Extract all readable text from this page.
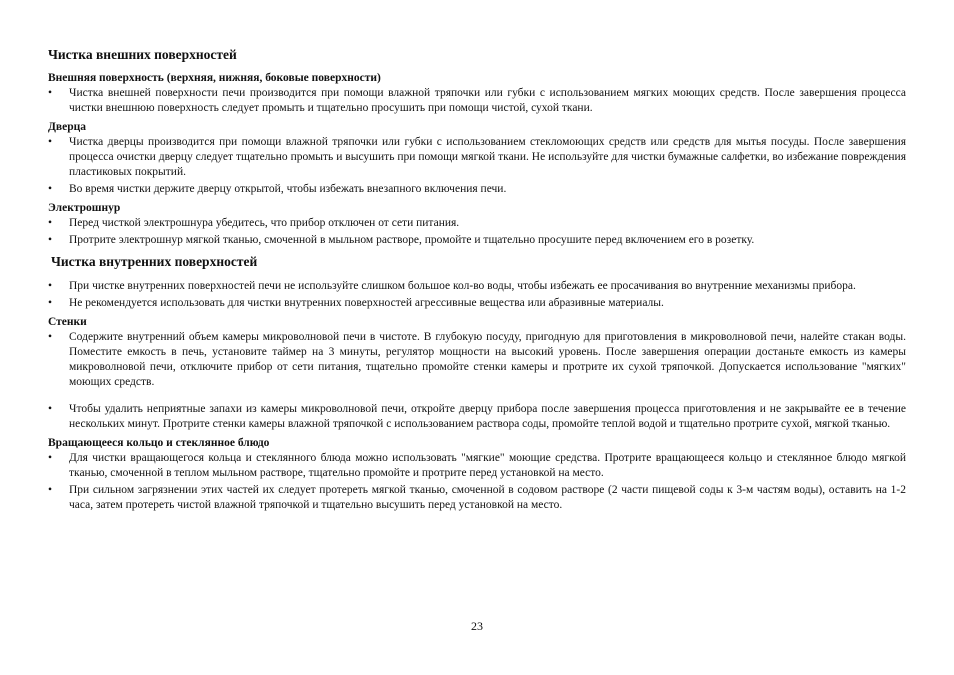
Чистка внешних поверхностей
Внешняя поверхность (верхняя, нижняя, боковые поверхности)
• Чистка внешней поверхности печи производится при помощи влажной тряпочки или губки с использованием мягких моющих средств. После завершения процесса чистки внешнюю поверхность следует промыть и тщательно просушить при помощи чистой, сухой ткани.
Дверца
• Чистка дверцы производится при помощи влажной тряпочки или губки с использованием стекломоющих средств или средств для мытья посуды. После завершения процесса очистки дверцу следует тщательно промыть и высушить при помощи мягкой ткани. Не используйте для чистки бумажные салфетки, во избежание повреждения пластиковых покрытий.
• Во время чистки держите дверцу открытой, чтобы избежать внезапного включения печи.
Электрошнур
• Перед чисткой электрошнура убедитесь, что прибор отключен от сети питания.
• Протрите электрошнур мягкой тканью, смоченной в мыльном растворе, промойте и тщательно просушите перед включением его в розетку.
Чистка внутренних поверхностей
• При чистке внутренних поверхностей печи не используйте слишком большое кол-во воды, чтобы избежать ее просачивания во внутренние механизмы прибора.
• Не рекомендуется использовать для чистки внутренних поверхностей агрессивные вещества или абразивные материалы.
Стенки
• Содержите внутренний объем камеры микроволновой печи в чистоте. В глубокую посуду, пригодную для приготовления в микроволновой печи, налейте стакан воды. Поместите емкость в печь, установите таймер на 3 минуты, регулятор мощности на высокий уровень. После завершения операции достаньте емкость из камеры микроволновой печи, отключите прибор от сети питания, тщательно промойте стенки камеры и протрите их сухой тряпочкой. Допускается использование "мягких" моющих средств.
• Чтобы удалить неприятные запахи из камеры микроволновой печи, откройте дверцу прибора после завершения процесса приготовления и не закрывайте ее в течение нескольких минут. Протрите стенки камеры влажной тряпочкой с использованием раствора соды, промойте теплой водой и тщательно протрите сухой, мягкой тканью.
Вращающееся кольцо и стеклянное блюдо
• Для чистки вращающегося кольца и стеклянного блюда можно использовать "мягкие" моющие средства. Протрите вращающееся кольцо и стеклянное блюдо мягкой тканью, смоченной в теплом мыльном растворе, тщательно промойте и протрите перед установкой на место.
• При сильном загрязнении этих частей их следует протереть мягкой тканью, смоченной в содовом растворе (2 части пищевой соды к 3-м частям воды), оставить на 1-2 часа, затем протереть чистой влажной тряпочкой и тщательно высушить перед установкой на место.
23
